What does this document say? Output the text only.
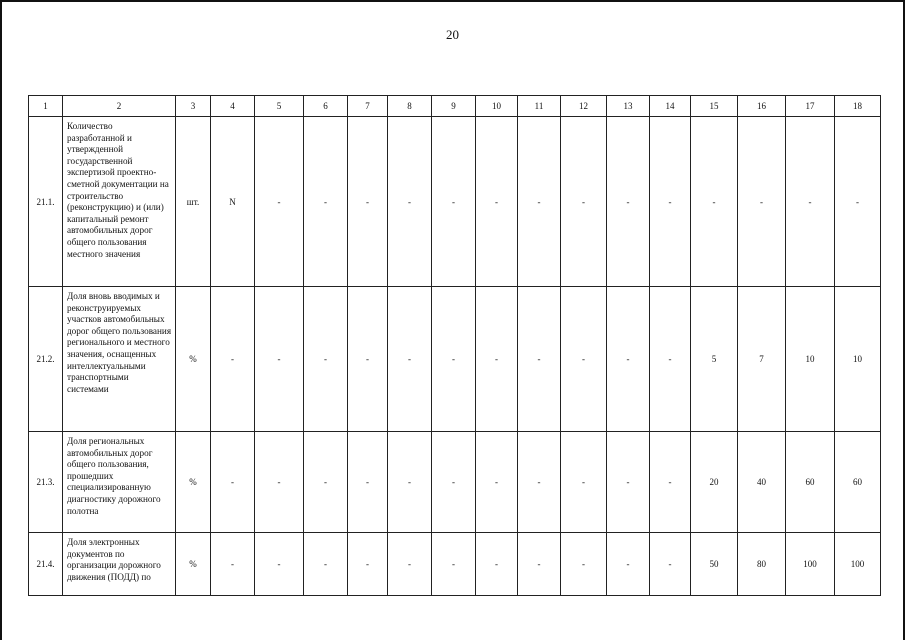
20
1	2	3	4	5	6	7	8	9	10	11	12	13	14	15	16	17	18
21.1.	Количество разработанной и утвержденной государственной экспертизой проектно-сметной документации на строительство (реконструкцию) и (или) капитальный ремонт автомобильных дорог общего пользования местного значения	шт.	N	-	-	-	-	-	-	-	-	-	-	-	-	-	-
21.2.	Доля вновь вводимых и реконструируемых участков автомобильных дорог общего пользования регионального и местного значения, оснащенных интеллектуальными транспортными системами	%	-	-	-	-	-	-	-	-	-	-	-	5	7	10	10
21.3.	Доля региональных автомобильных дорог общего пользования, прошедших специализированную диагностику дорожного полотна	%	-	-	-	-	-	-	-	-	-	-	-	20	40	60	60
21.4.	Доля электронных документов по организации дорожного движения (ПОДД) по	%	-	-	-	-	-	-	-	-	-	-	-	50	80	100	100
